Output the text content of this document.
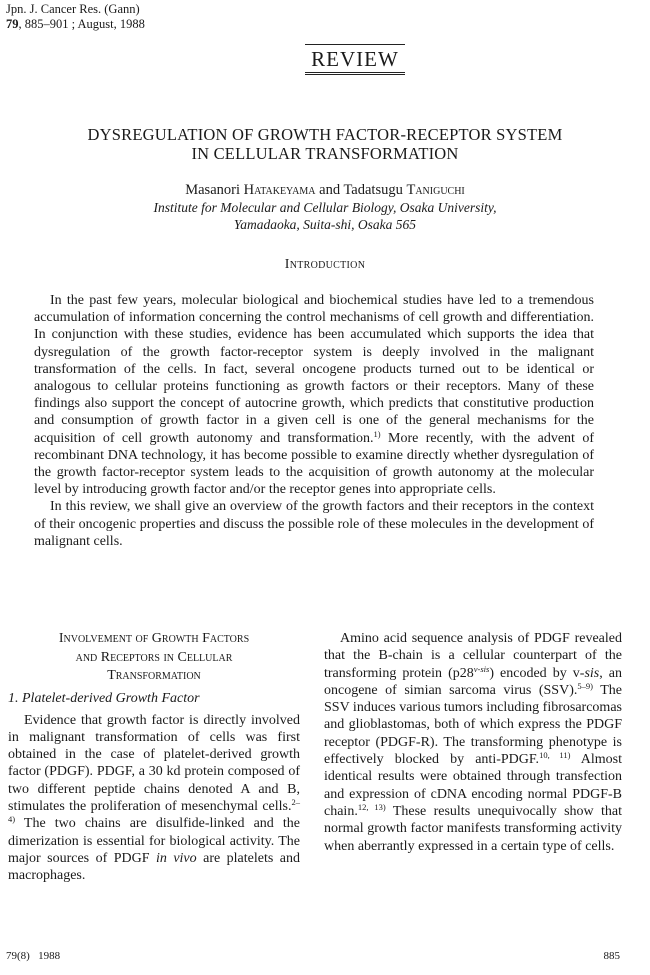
Jpn. J. Cancer Res. (Gann)
79, 885–901 ; August, 1988
REVIEW
DYSREGULATION OF GROWTH FACTOR-RECEPTOR SYSTEM
IN CELLULAR TRANSFORMATION
Masanori Hatakeyama and Tadatsugu Taniguchi
Institute for Molecular and Cellular Biology, Osaka University,
Yamadaoka, Suita-shi, Osaka 565
Introduction

In the past few years, molecular biological and biochemical studies have led to a tremendous accumulation of information concerning the control mechanisms of cell growth and differentiation. In conjunction with these studies, evidence has been accumulated which supports the idea that dysregulation of the growth factor-receptor system is deeply involved in the malignant transformation of the cells. In fact, several oncogene products turned out to be identical or analogous to cellular proteins functioning as growth factors or their receptors. Many of these findings also support the concept of autocrine growth, which predicts that constitutive production and consumption of growth factor in a given cell is one of the general mechanisms for the acquisition of cell growth autonomy and transformation.$^{1)}$ More recently, with the advent of recombinant DNA technology, it has become possible to examine directly whether dysregulation of the growth factor-receptor system leads to the acquisition of growth autonomy at the molecular level by introducing growth factor and/or the receptor genes into appropriate cells.

In this review, we shall give an overview of the growth factors and their receptors in the context of their oncogenic properties and discuss the possible role of these molecules in the development of malignant cells.

Involvement of Growth Factors
and Receptors in Cellular
Transformation
1. Platelet-derived Growth Factor

Evidence that growth factor is directly involved in malignant transformation of cells was first obtained in the case of platelet-derived growth factor (PDGF). PDGF, a 30 kd protein composed of two different peptide chains denoted A and B, stimulates the proliferation of mesenchymal cells.$^{2-4)}$ The two chains are disulfide-linked and the dimerization is essential for biological activity. The major sources of PDGF in vivo are platelets and macrophages.

Amino acid sequence analysis of PDGF revealed that the B-chain is a cellular counterpart of the transforming protein $(p28^{v-sis})$ encoded by v-sis, an oncogene of simian sarcoma virus (SSV).$^{5-9)}$ The SSV induces various tumors including fibrosarcomas and glioblastomas, both of which express the PDGF receptor (PDGF-R). The transforming phenotype is effectively blocked by anti-PDGF.$^{10, 11)}$ Almost identical results were obtained through transfection and expression of cDNA encoding normal PDGF-B chain.$^{12, 13)}$ These results unequivocally show that normal growth factor manifests transforming activity when aberrantly expressed in a certain type of cells.

79(8)   1988	885
